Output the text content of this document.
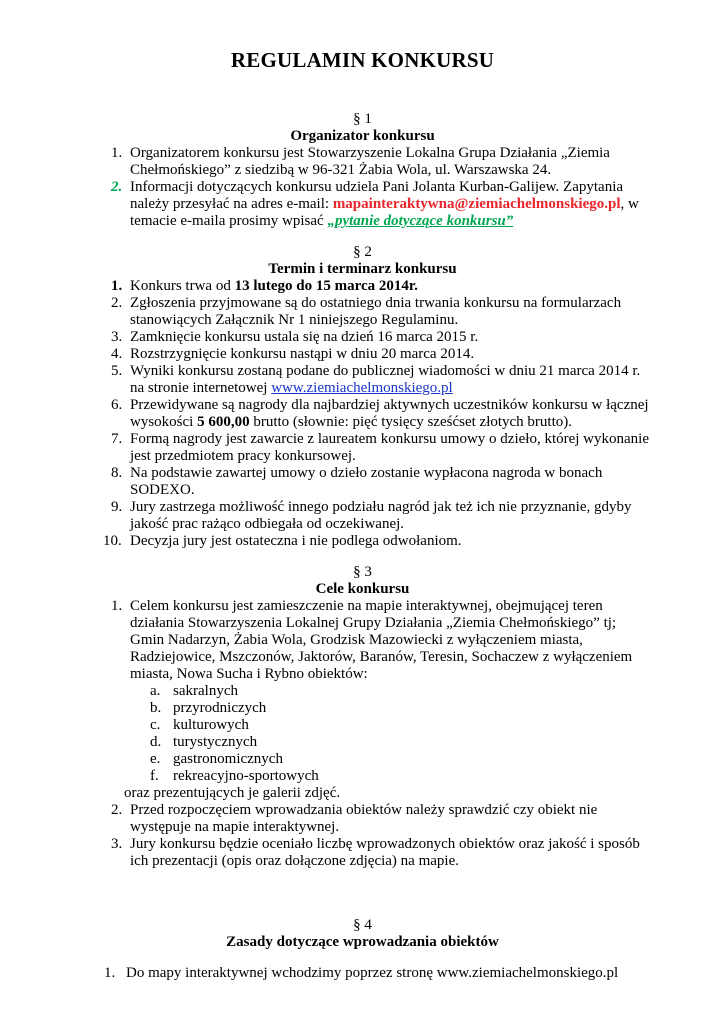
REGULAMIN KONKURSU
§ 1
Organizator konkursu
1. Organizatorem konkursu jest Stowarzyszenie Lokalna Grupa Działania „Ziemia
Chełmońskiego” z siedzibą w 96-321 Żabia Wola, ul. Warszawska 24.
2. Informacji dotyczących konkursu udziela Pani Jolanta Kurban-Galijew. Zapytania
należy przesyłać na adres e-mail: mapainteraktywna@ziemiachelmonskiego.pl, w
temacie e-maila prosimy wpisać „pytanie dotyczące konkursu”
§ 2
Termin i terminarz konkursu
1. Konkurs trwa od 13 lutego do 15 marca 2014r.
2. Zgłoszenia przyjmowane są do ostatniego dnia trwania konkursu na formularzach
stanowiących Załącznik Nr 1 niniejszego Regulaminu.
3. Zamknięcie konkursu ustala się na dzień 16 marca 2015 r.
4. Rozstrzygnięcie konkursu nastąpi w dniu 20 marca 2014.
5. Wyniki konkursu zostaną podane do publicznej wiadomości w dniu 21 marca 2014 r.
na stronie internetowej www.ziemiachelmonskiego.pl
6. Przewidywane są nagrody dla najbardziej aktywnych uczestników konkursu w łącznej
wysokości 5 600,00 brutto (słownie: pięć tysięcy sześćset złotych brutto).
7. Formą nagrody jest zawarcie z laureatem konkursu umowy o dzieło, której wykonanie
jest przedmiotem pracy konkursowej.
8. Na podstawie zawartej umowy o dzieło zostanie wypłacona nagroda w bonach
SODEXO.
9. Jury zastrzega możliwość innego podziału nagród jak też ich nie przyznanie, gdyby
jakość prac rażąco odbiegała od oczekiwanej.
10. Decyzja jury jest ostateczna i nie podlega odwołaniom.
§ 3
Cele konkursu
1. Celem konkursu jest zamieszczenie na mapie interaktywnej, obejmującej teren
działania Stowarzyszenia Lokalnej Grupy Działania „Ziemia Chełmońskiego” tj;
Gmin Nadarzyn, Żabia Wola, Grodzisk Mazowiecki z wyłączeniem miasta,
Radziejowice, Mszczonów, Jaktorów, Baranów, Teresin, Sochaczew z wyłączeniem
miasta, Nowa Sucha i Rybno obiektów:
a. sakralnych
b. przyrodniczych
c. kulturowych
d. turystycznych
e. gastronomicznych
f. rekreacyjno-sportowych
oraz prezentujących je galerii zdjęć.
2. Przed rozpoczęciem wprowadzania obiektów należy sprawdzić czy obiekt nie
występuje na mapie interaktywnej.
3. Jury konkursu będzie oceniało liczbę wprowadzonych obiektów oraz jakość i sposób
ich prezentacji (opis oraz dołączone zdjęcia) na mapie.
§ 4
Zasady dotyczące wprowadzania obiektów
1. Do mapy interaktywnej wchodzimy poprzez stronę www.ziemiachelmonskiego.pl
